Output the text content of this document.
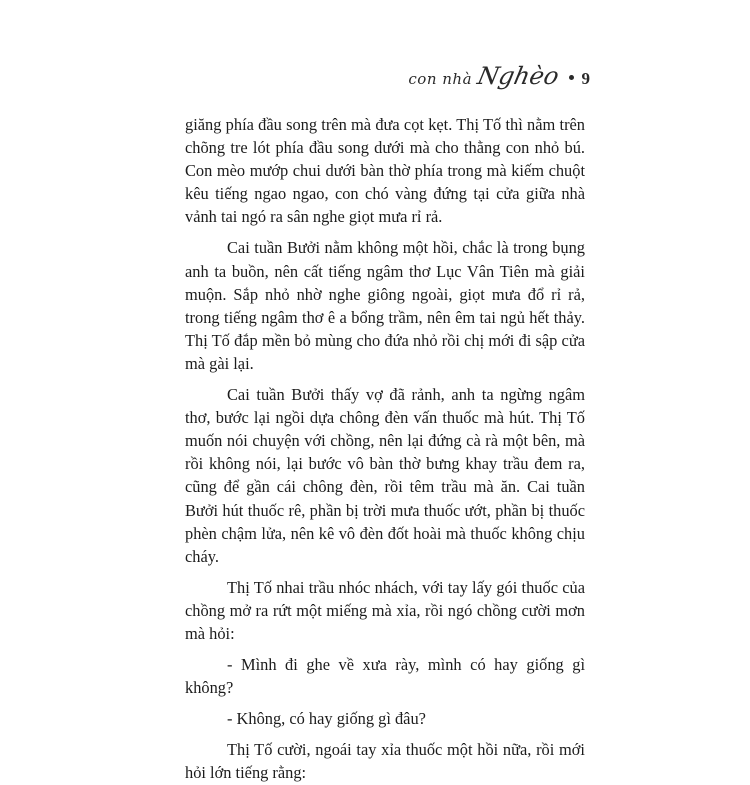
con nhà Nghèo 9

giăng phía đầu song trên mà đưa cọt kẹt. Thị Tố thì nằm trên chõng tre lót phía đầu song dưới mà cho thằng con nhỏ bú. Con mèo mướp chui dưới bàn thờ phía trong mà kiếm chuột kêu tiếng ngao ngao, con chó vàng đứng tại cửa giữa nhà vảnh tai ngó ra sân nghe giọt mưa rỉ rả.

Cai tuần Bưởi nằm không một hồi, chắc là trong bụng anh ta buồn, nên cất tiếng ngâm thơ Lục Vân Tiên mà giải muộn. Sắp nhỏ nhờ nghe giông ngoài, giọt mưa đổ rỉ rả, trong tiếng ngâm thơ ê a bổng trầm, nên êm tai ngủ hết thảy. Thị Tố đắp mền bỏ mùng cho đứa nhỏ rồi chị mới đi sập cửa mà gài lại.

Cai tuần Bưởi thấy vợ đã rảnh, anh ta ngừng ngâm thơ, bước lại ngồi dựa chông đèn vấn thuốc mà hút. Thị Tố muốn nói chuyện với chồng, nên lại đứng cà rà một bên, mà rồi không nói, lại bước vô bàn thờ bưng khay trầu đem ra, cũng để gần cái chông đèn, rồi têm trầu mà ăn. Cai tuần Bưởi hút thuốc rê, phần bị trời mưa thuốc ướt, phần bị thuốc phèn chậm lửa, nên kê vô đèn đốt hoài mà thuốc không chịu cháy.

Thị Tố nhai trầu nhóc nhách, với tay lấy gói thuốc của chồng mở ra rứt một miếng mà xỉa, rồi ngó chồng cười mơn mà hỏi:

- Mình đi ghe về xưa rày, mình có hay giống gì không?

- Không, có hay giống gì đâu?

Thị Tố cười, ngoái tay xỉa thuốc một hồi nữa, rồi mới hỏi lớn tiếng rằng:
